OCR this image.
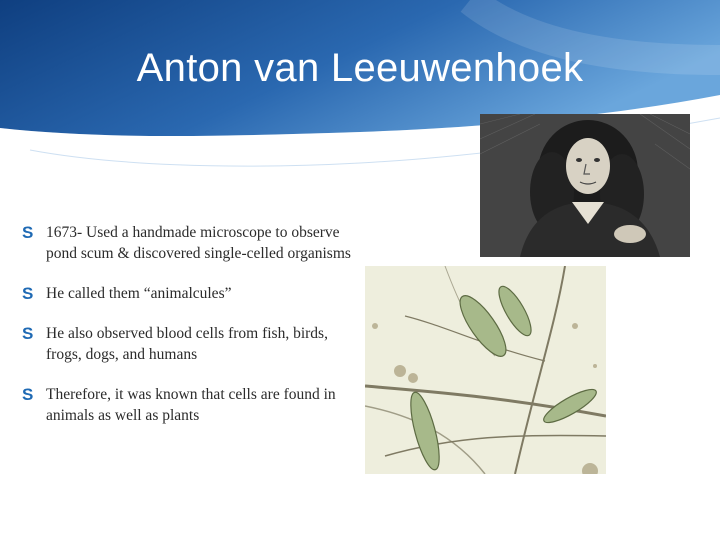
Anton van Leeuwenhoek
S 1673- Used a handmade microscope to observe pond scum & discovered single-celled organisms
S He called them “animalcules”
S He also observed blood cells from fish, birds, frogs, dogs, and humans
S Therefore, it was known that cells are found in animals as well as plants
